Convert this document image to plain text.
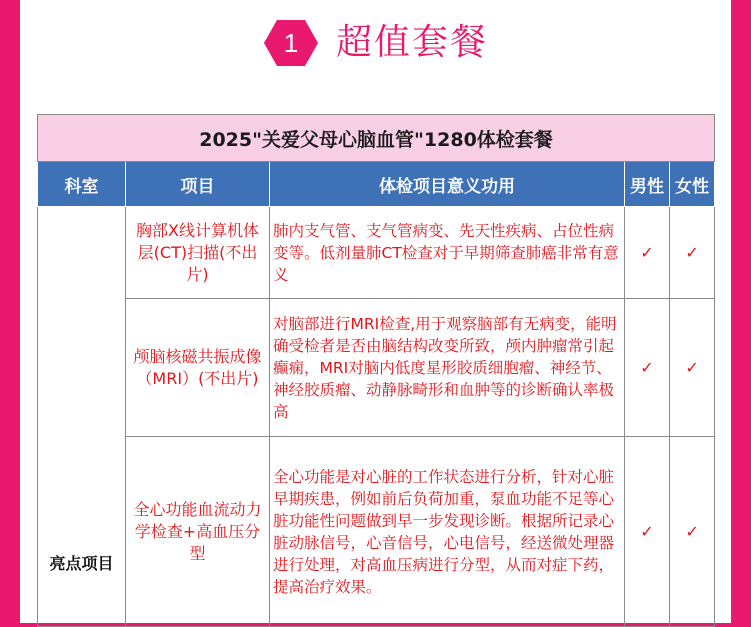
1	超值套餐
2025"关爱父母心脑血管"1280体检套餐				
科室	项目	体检项目意义功用	男性	女性
亮点项目	胸部X线计算机体层(CT)扫描(不出片)	肺内支气管、支气管病变、先天性疾病、占位性病变等。低剂量肺CT检查对于早期筛查肺癌非常有意义	✓	✓
	颅脑核磁共振成像（MRI）(不出片)	对脑部进行MRI检查,用于观察脑部有无病变，能明确受检者是否由脑结构改变所致，颅内肿瘤常引起癫痫，MRI对脑内低度星形胶质细胞瘤、神经节、神经胶质瘤、动静脉畸形和血肿等的诊断确认率极高	✓	✓
	全心功能血流动力学检查+高血压分型	全心功能是对心脏的工作状态进行分析，针对心脏早期疾患，例如前后负荷加重，泵血功能不足等心脏功能性问题做到早一步发现诊断。根据所记录心脏动脉信号，心音信号，心电信号，经送微处理器进行处理，对高血压病进行分型，从而对症下药，提高治疗效果。	✓	✓
